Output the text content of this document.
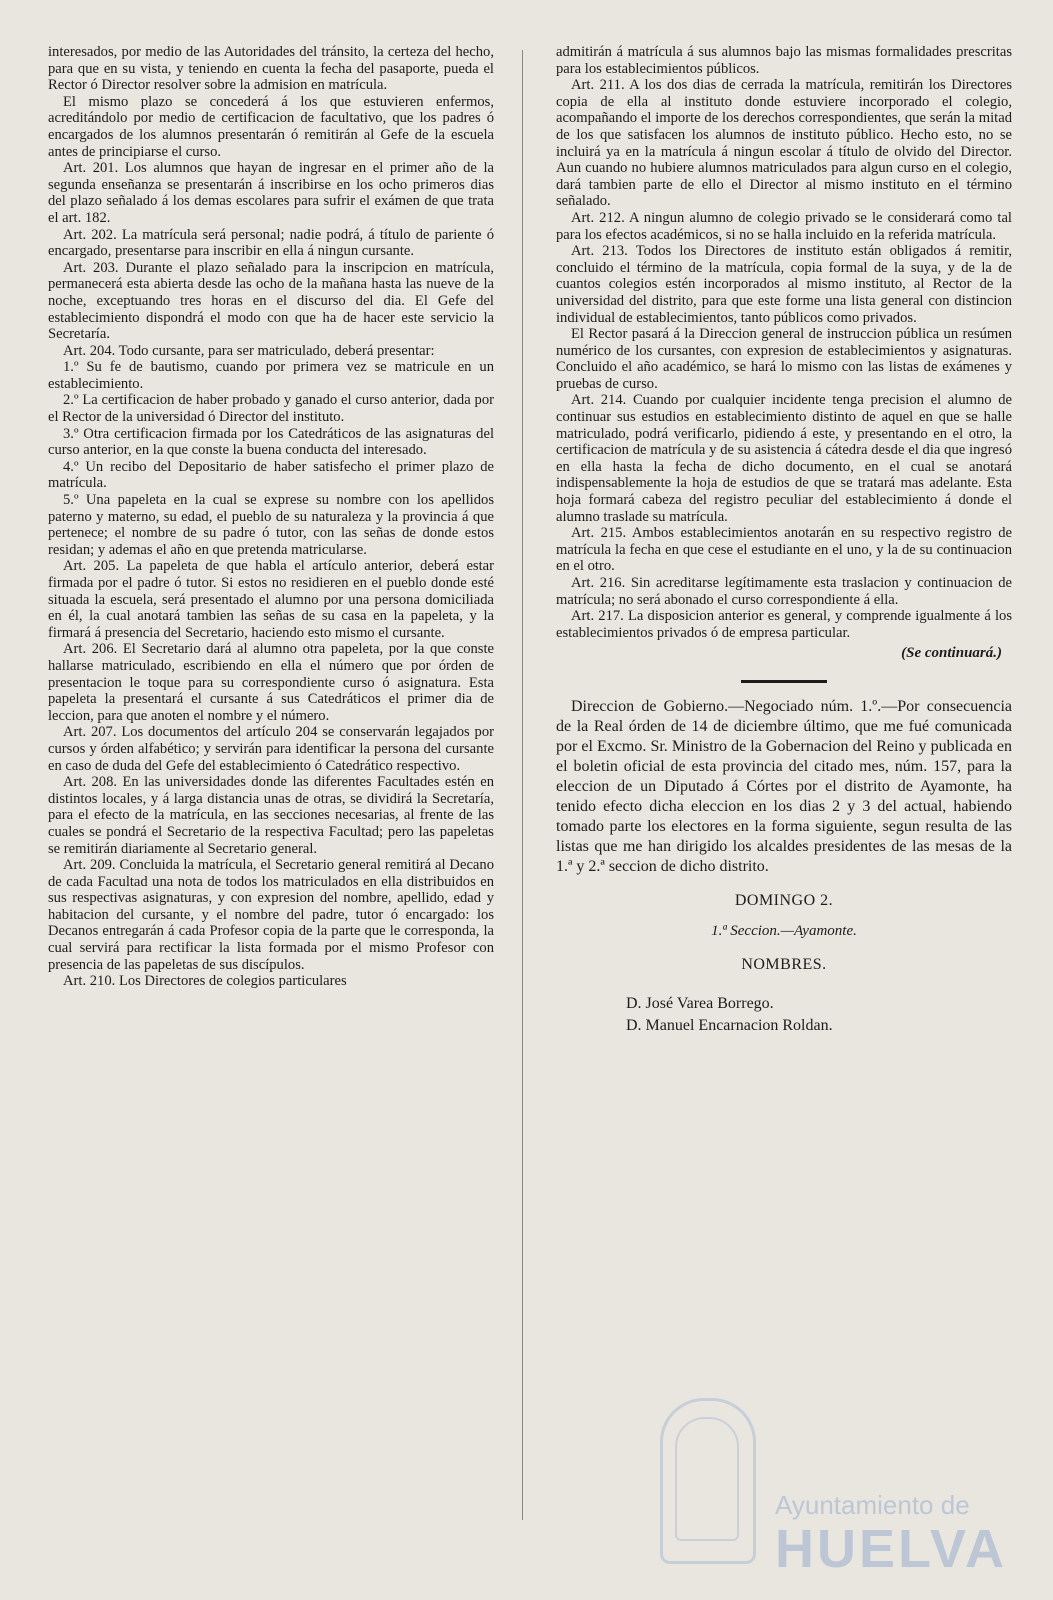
interesados, por medio de las Autoridades del tránsito, la certeza del hecho, para que en su vista, y teniendo en cuenta la fecha del pasaporte, pueda el Rector ó Director resolver sobre la admision en matrícula.

El mismo plazo se concederá á los que estuvieren enfermos, acreditándolo por medio de certificacion de facultativo, que los padres ó encargados de los alumnos presentarán ó remitirán al Gefe de la escuela antes de principiarse el curso.

Art. 201. Los alumnos que hayan de ingresar en el primer año de la segunda enseñanza se presentarán á inscribirse en los ocho primeros dias del plazo señalado á los demas escolares para sufrir el exámen de que trata el art. 182.

Art. 202. La matrícula será personal; nadie podrá, á título de pariente ó encargado, presentarse para inscribir en ella á ningun cursante.

Art. 203. Durante el plazo señalado para la inscripcion en matrícula, permanecerá esta abierta desde las ocho de la mañana hasta las nueve de la noche, exceptuando tres horas en el discurso del dia. El Gefe del establecimiento dispondrá el modo con que ha de hacer este servicio la Secretaría.

Art. 204. Todo cursante, para ser matriculado, deberá presentar:

1.º Su fe de bautismo, cuando por primera vez se matricule en un establecimiento.

2.º La certificacion de haber probado y ganado el curso anterior, dada por el Rector de la universidad ó Director del instituto.

3.º Otra certificacion firmada por los Catedráticos de las asignaturas del curso anterior, en la que conste la buena conducta del interesado.

4.º Un recibo del Depositario de haber satisfecho el primer plazo de matrícula.

5.º Una papeleta en la cual se exprese su nombre con los apellidos paterno y materno, su edad, el pueblo de su naturaleza y la provincia á que pertenece; el nombre de su padre ó tutor, con las señas de donde estos residan; y ademas el año en que pretenda matricularse.

Art. 205. La papeleta de que habla el artículo anterior, deberá estar firmada por el padre ó tutor. Si estos no residieren en el pueblo donde esté situada la escuela, será presentado el alumno por una persona domiciliada en él, la cual anotará tambien las señas de su casa en la papeleta, y la firmará á presencia del Secretario, haciendo esto mismo el cursante.

Art. 206. El Secretario dará al alumno otra papeleta, por la que conste hallarse matriculado, escribiendo en ella el número que por órden de presentacion le toque para su correspondiente curso ó asignatura. Esta papeleta la presentará el cursante á sus Catedráticos el primer dia de leccion, para que anoten el nombre y el número.

Art. 207. Los documentos del artículo 204 se conservarán legajados por cursos y órden alfabético; y servirán para identificar la persona del cursante en caso de duda del Gefe del establecimiento ó Catedrático respectivo.

Art. 208. En las universidades donde las diferentes Facultades estén en distintos locales, y á larga distancia unas de otras, se dividirá la Secretaría, para el efecto de la matrícula, en las secciones necesarias, al frente de las cuales se pondrá el Secretario de la respectiva Facultad; pero las papeletas se remitirán diariamente al Secretario general.

Art. 209. Concluida la matrícula, el Secretario general remitirá al Decano de cada Facultad una nota de todos los matriculados en ella distribuidos en sus respectivas asignaturas, y con expresion del nombre, apellido, edad y habitacion del cursante, y el nombre del padre, tutor ó encargado: los Decanos entregarán á cada Profesor copia de la parte que le corresponda, la cual servirá para rectificar la lista formada por el mismo Profesor con presencia de las papeletas de sus discípulos.

Art. 210. Los Directores de colegios particulares

admitirán á matrícula á sus alumnos bajo las mismas formalidades prescritas para los establecimientos públicos.

Art. 211. A los dos dias de cerrada la matrícula, remitirán los Directores copia de ella al instituto donde estuviere incorporado el colegio, acompañando el importe de los derechos correspondientes, que serán la mitad de los que satisfacen los alumnos de instituto público. Hecho esto, no se incluirá ya en la matrícula á ningun escolar á título de olvido del Director. Aun cuando no hubiere alumnos matriculados para algun curso en el colegio, dará tambien parte de ello el Director al mismo instituto en el término señalado.

Art. 212. A ningun alumno de colegio privado se le considerará como tal para los efectos académicos, si no se halla incluido en la referida matrícula.

Art. 213. Todos los Directores de instituto están obligados á remitir, concluido el término de la matrícula, copia formal de la suya, y de la de cuantos colegios estén incorporados al mismo instituto, al Rector de la universidad del distrito, para que este forme una lista general con distincion individual de establecimientos, tanto públicos como privados.

El Rector pasará á la Direccion general de instruccion pública un resúmen numérico de los cursantes, con expresion de establecimientos y asignaturas. Concluido el año académico, se hará lo mismo con las listas de exámenes y pruebas de curso.

Art. 214. Cuando por cualquier incidente tenga precision el alumno de continuar sus estudios en establecimiento distinto de aquel en que se halle matriculado, podrá verificarlo, pidiendo á este, y presentando en el otro, la certificacion de matrícula y de su asistencia á cátedra desde el dia que ingresó en ella hasta la fecha de dicho documento, en el cual se anotará indispensablemente la hoja de estudios de que se tratará mas adelante. Esta hoja formará cabeza del registro peculiar del establecimiento á donde el alumno traslade su matrícula.

Art. 215. Ambos establecimientos anotarán en su respectivo registro de matrícula la fecha en que cese el estudiante en el uno, y la de su continuacion en el otro.

Art. 216. Sin acreditarse legítimamente esta traslacion y continuacion de matrícula; no será abonado el curso correspondiente á ella.

Art. 217. La disposicion anterior es general, y comprende igualmente á los establecimientos privados ó de empresa particular.

(Se continuará.)

Direccion de Gobierno.—Negociado núm. 1.º.—Por consecuencia de la Real órden de 14 de diciembre último, que me fué comunicada por el Excmo. Sr. Ministro de la Gobernacion del Reino y publicada en el boletin oficial de esta provincia del citado mes, núm. 157, para la eleccion de un Diputado á Córtes por el distrito de Ayamonte, ha tenido efecto dicha eleccion en los dias 2 y 3 del actual, habiendo tomado parte los electores en la forma siguiente, segun resulta de las listas que me han dirigido los alcaldes presidentes de las mesas de la 1.ª y 2.ª seccion de dicho distrito.

DOMINGO 2.
1.ª Seccion.—Ayamonte.
NOMBRES.
D. José Varea Borrego.
D. Manuel Encarnacion Roldan.
Ayuntamiento de
HUELVA
